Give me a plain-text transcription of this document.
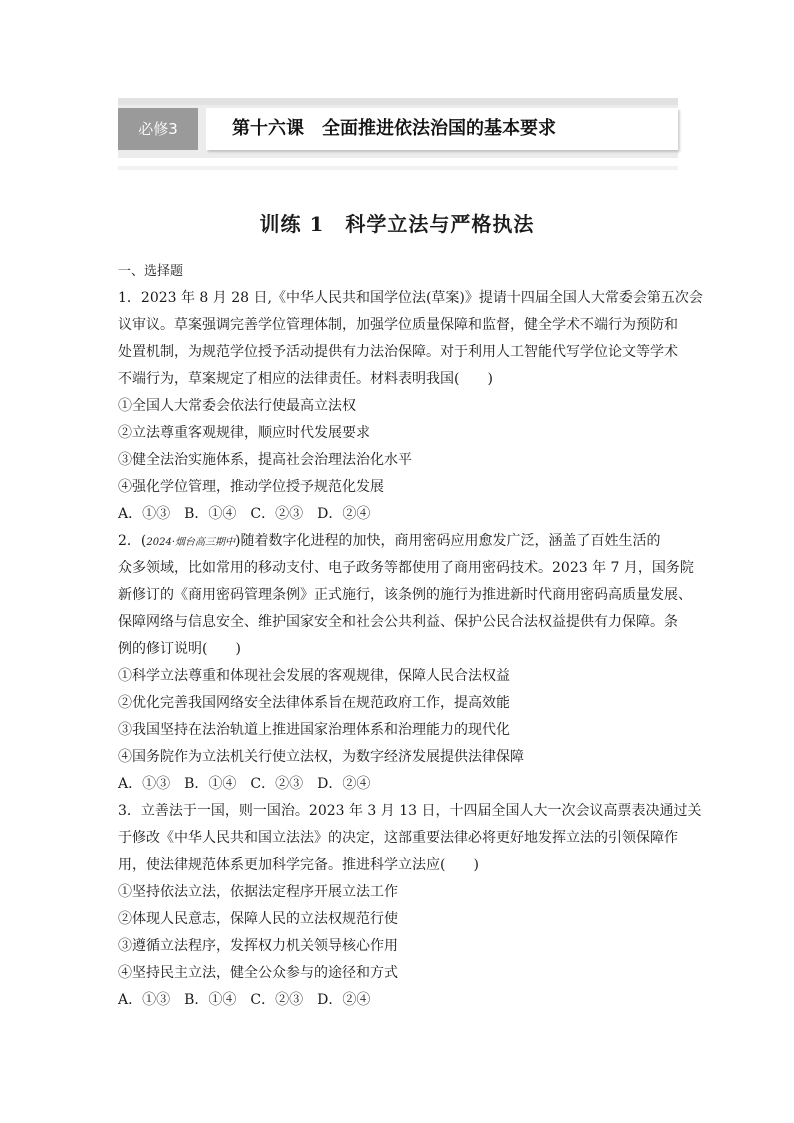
必修3	第十六课　全面推进依法治国的基本要求
训练 1　科学立法与严格执法
一、选择题
1．2023 年 8 月 28 日,《中华人民共和国学位法(草案)》提请十四届全国人大常委会第五次会
议审议。草案强调完善学位管理体制，加强学位质量保障和监督，健全学术不端行为预防和
处置机制，为规范学位授予活动提供有力法治保障。对于利用人工智能代写学位论文等学术
不端行为，草案规定了相应的法律责任。材料表明我国(　　)
①全国人大常委会依法行使最高立法权
②立法尊重客观规律，顺应时代发展要求
③健全法治实施体系，提高社会治理法治化水平
④强化学位管理，推动学位授予规范化发展
A．①③　B．①④　C．②③　D．②④
2．(2024·烟台高三期中)随着数字化进程的加快，商用密码应用愈发广泛，涵盖了百姓生活的
众多领域，比如常用的移动支付、电子政务等都使用了商用密码技术。2023 年 7 月，国务院
新修订的《商用密码管理条例》正式施行，该条例的施行为推进新时代商用密码高质量发展、
保障网络与信息安全、维护国家安全和社会公共利益、保护公民合法权益提供有力保障。条
例的修订说明(　　)
①科学立法尊重和体现社会发展的客观规律，保障人民合法权益
②优化完善我国网络安全法律体系旨在规范政府工作，提高效能
③我国坚持在法治轨道上推进国家治理体系和治理能力的现代化
④国务院作为立法机关行使立法权，为数字经济发展提供法律保障
A．①③　B．①④　C．②③　D．②④
3．立善法于一国，则一国治。2023 年 3 月 13 日，十四届全国人大一次会议高票表决通过关
于修改《中华人民共和国立法法》的决定，这部重要法律必将更好地发挥立法的引领保障作
用，使法律规范体系更加科学完备。推进科学立法应(　　)
①坚持依法立法，依据法定程序开展立法工作
②体现人民意志，保障人民的立法权规范行使
③遵循立法程序，发挥权力机关领导核心作用
④坚持民主立法，健全公众参与的途径和方式
A．①③　B．①④　C．②③　D．②④
